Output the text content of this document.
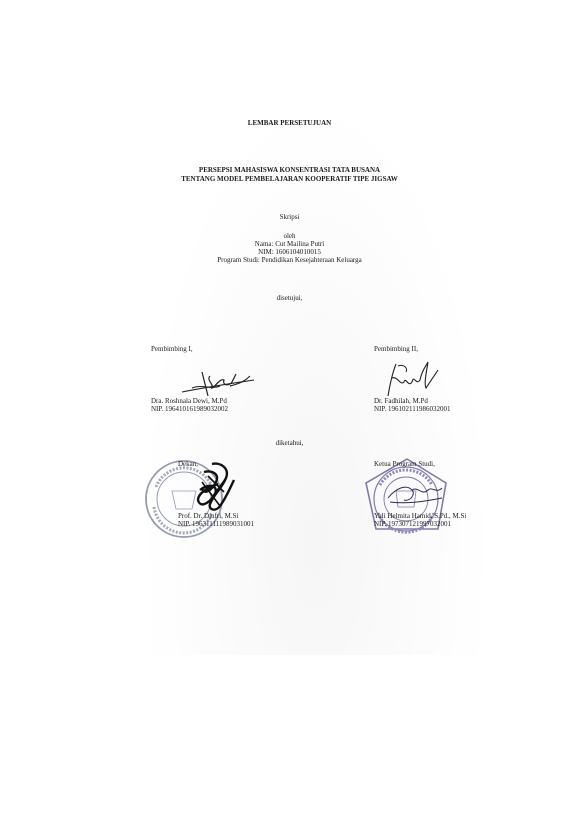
LEMBAR PERSETUJUAN
PERSEPSI MAHASISWA KONSENTRASI TATA BUSANA
TENTANG MODEL PEMBELAJARAN KOOPERATIF TIPE JIGSAW
Skripsi
oleh
Nama: Cut Mailina Putri
NIM: 1606104010015
Program Studi: Pendidikan Kesejahteraan Keluarga
disetujui,
Pembimbing I,
Dra. Roshnala Dewi, M.Pd
NIP. 196410161989032002
Pembimbing II,
Dr. Fadhilah, M.Pd
NIP. 196102111986032001
diketahui,
Dekan,
Prof. Dr. Djufri, M.Si
NIP. 196311111989031001
Ketua Program Studi,
Yuli Helmita Hamid, S.Pd., M.Si
NIP. 197307121997032001
